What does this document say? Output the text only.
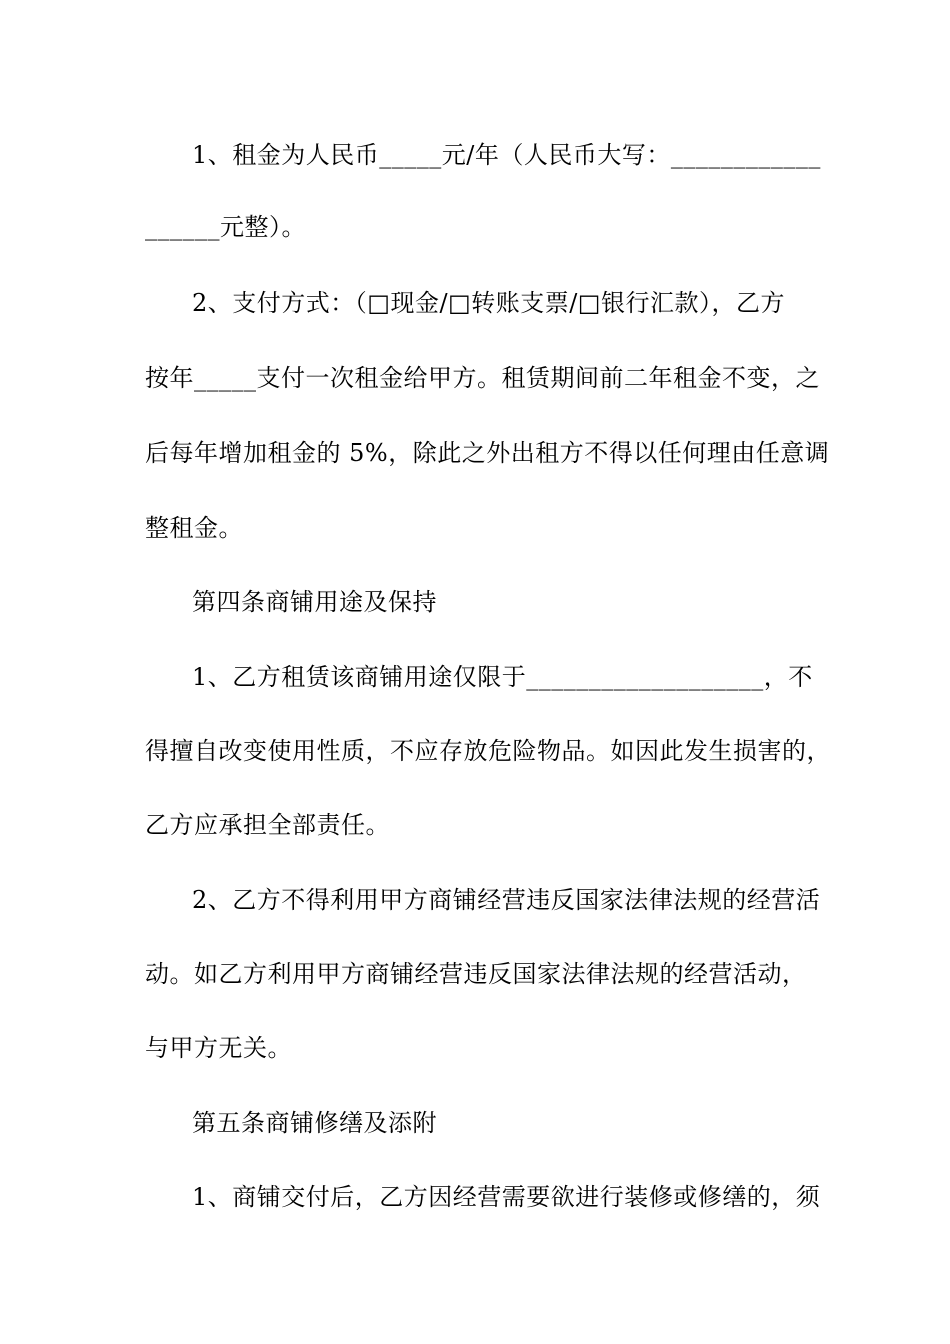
1、租金为人民币_____元/年（人民币大写：____________
______元整）。
2、支付方式：（□现金/□转账支票/□银行汇款），乙方
按年_____支付一次租金给甲方。租赁期间前二年租金不变，之
后每年增加租金的 5%，除此之外出租方不得以任何理由任意调
整租金。
第四条商铺用途及保持
1、乙方租赁该商铺用途仅限于___________________，不
得擅自改变使用性质，不应存放危险物品。如因此发生损害的，
乙方应承担全部责任。
2、乙方不得利用甲方商铺经营违反国家法律法规的经营活
动。如乙方利用甲方商铺经营违反国家法律法规的经营活动，
与甲方无关。
第五条商铺修缮及添附
1、商铺交付后，乙方因经营需要欲进行装修或修缮的，须
